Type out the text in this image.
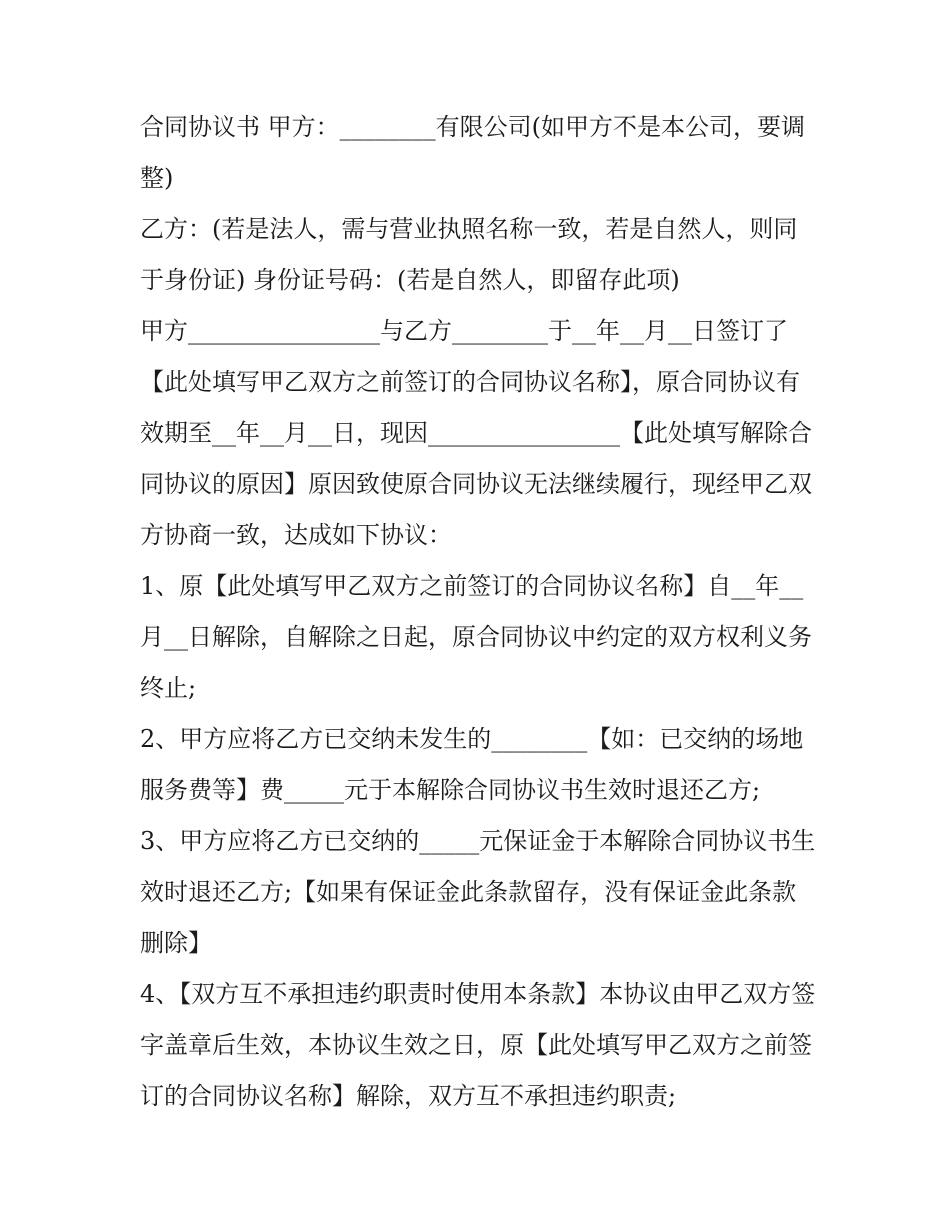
合同协议书 甲方：________有限公司(如甲方不是本公司，要调整)

乙方：(若是法人，需与营业执照名称一致，若是自然人，则同于身份证) 身份证号码：(若是自然人，即留存此项)

甲方________________与乙方________于__年__月__日签订了【此处填写甲乙双方之前签订的合同协议名称】，原合同协议有效期至__年__月__日，现因________________【此处填写解除合同协议的原因】原因致使原合同协议无法继续履行，现经甲乙双方协商一致，达成如下协议：

1、原【此处填写甲乙双方之前签订的合同协议名称】自__年__月__日解除，自解除之日起，原合同协议中约定的双方权利义务终止;

2、甲方应将乙方已交纳未发生的________【如：已交纳的场地服务费等】费_____元于本解除合同协议书生效时退还乙方;

3、甲方应将乙方已交纳的_____元保证金于本解除合同协议书生效时退还乙方;【如果有保证金此条款留存，没有保证金此条款删除】

4、【双方互不承担违约职责时使用本条款】本协议由甲乙双方签字盖章后生效，本协议生效之日，原【此处填写甲乙双方之前签订的合同协议名称】解除，双方互不承担违约职责;
